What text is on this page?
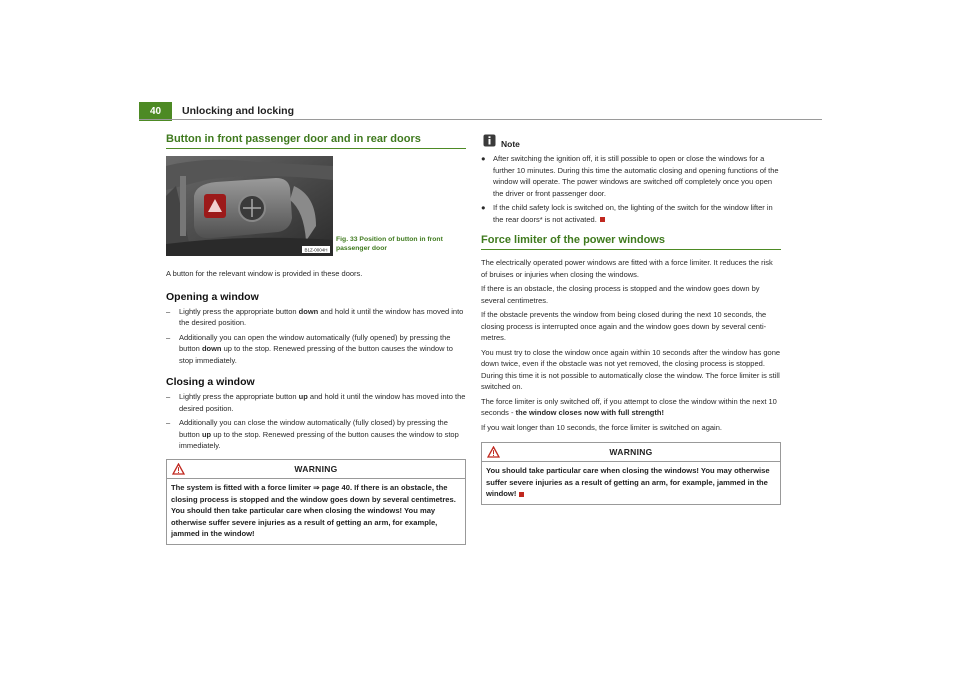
40	Unlocking and locking
Button in front passenger door and in rear doors
B1Z-0004H
Fig. 33 Position of button in front
passenger door

A button for the relevant window is provided in these doors.

Opening a window
– Lightly press the appropriate button down and hold it until the window has moved into the desired position.
– Additionally you can open the window automatically (fully opened) by pressing the button down up to the stop. Renewed pressing of the button causes the window to stop immediately.
Closing a window
– Lightly press the appropriate button up and hold it until the window has moved into the desired position.
– Additionally you can close the window automatically (fully closed) by pressing the button up up to the stop. Renewed pressing of the button causes the window to stop immediately.
WARNING
The system is fitted with a force limiter ⇒ page 40. If there is an obstacle, the closing process is stopped and the window goes down by several centimetres. You should then take particular care when closing the windows! You may otherwise suffer severe injuries as a result of getting an arm, for example, jammed in the window!
Note
● After switching the ignition off, it is still possible to open or close the windows for a further 10 minutes. During this time the automatic closing and opening functions of the window will operate. The power windows are switched off completely once you open the driver or front passenger door.
● If the child safety lock is switched on, the lighting of the switch for the window lifter in the rear doors* is not activated.
Force limiter of the power windows

The electrically operated power windows are fitted with a force limiter. It reduces the risk of bruises or injuries when closing the windows.

If there is an obstacle, the closing process is stopped and the window goes down by several centimetres.

If the obstacle prevents the window from being closed during the next 10 seconds, the closing process is interrupted once again and the window goes down by several centi-metres.

You must try to close the window once again within 10 seconds after the window has gone down twice, even if the obstacle was not yet removed, the closing process is stopped. During this time it is not possible to automatically close the window. The force limiter is still switched on.

The force limiter is only switched off, if you attempt to close the window within the next 10 seconds - the window closes now with full strength!

If you wait longer than 10 seconds, the force limiter is switched on again.

WARNING
You should take particular care when closing the windows! You may otherwise suffer severe injuries as a result of getting an arm, for example, jammed in the window!
